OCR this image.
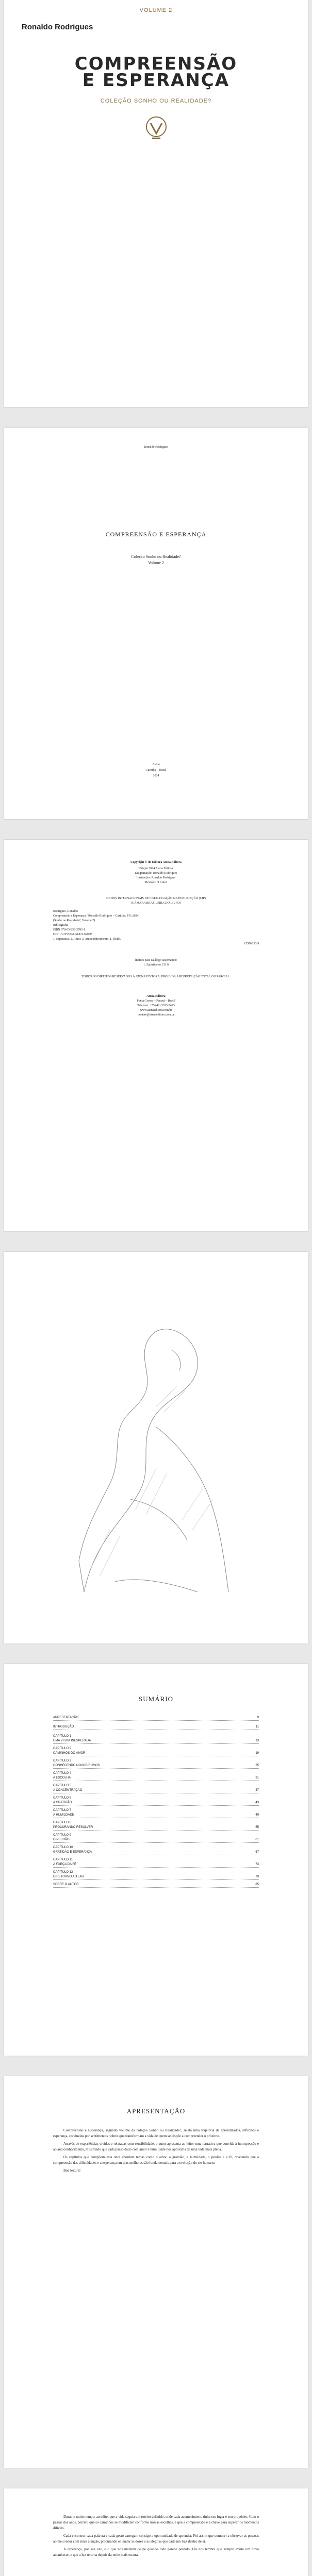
VOLUME 2
Ronaldo Rodrigues
COMPREENSÃO
E ESPERANÇA
COLEÇÃO SONHO OU REALIDADE?
Ronaldo Rodrigues
COMPREENSÃO E ESPERANÇA
Coleção Sonho ou Realidade?
Volume 2
Atena
Curitiba – Brasil
2024
Copyright © do Editora Atena Editora
Edição 2024 Atena Editora
Diagramação: Ronaldo Rodrigues
Ilustrações: Ronaldo Rodrigues
Revisão: O Autor
DADOS INTERNACIONAIS DE CATALOGAÇÃO NA PUBLICAÇÃO (CIP)
(CÂMARA BRASILEIRA DO LIVRO)
Rodrigues, Ronaldo
Compreensão e Esperança / Ronaldo Rodrigues – Curitiba, PR: 2024
(Sonho ou Realidade?; Volume 2)
Bibliografia
ISBN 978-65-258-2782-1
DOI 10.22533/at.ed.821240105
1. Esperança. 2. Amor. 3. Autoconhecimento. I. Título.
CDD-133.9
Índices para catálogo sistemático:
1. Espiritismo 133.9
TODOS OS DIREITOS RESERVADOS À ATENA EDITORA. PROIBIDA A REPRODUÇÃO TOTAL OU PARCIAL.
Atena Editora
Ponta Grossa – Paraná – Brasil
Telefone: +55 (42) 3323-5493
www.atenaeditora.com.br
contato@atenaeditora.com.br
SUMÁRIO
APRESENTAÇÃO	9
INTRODUÇÃO	11
CAPÍTULO 1
UMA VISITA INESPERADA	13
CAPÍTULO 2
CAMINHOS DO AMOR	19
CAPÍTULO 3
CONHECENDO NOVOS RUMOS	25
CAPÍTULO 4
A ESCOLHA	31
CAPÍTULO 5
A CONCENTRAÇÃO	37
CAPÍTULO 6
A GRATIDÃO	43
CAPÍTULO 7
A HUMILDADE	49
CAPÍTULO 8
PROCURANDO RESOLVER	55
CAPÍTULO 9
O PERDÃO	61
CAPÍTULO 10
GRATIDÃO E ESPERANÇA	67
CAPÍTULO 11
A FORÇA DA FÉ	73
CAPÍTULO 12
O RETORNO AO LAR	79
SOBRE O AUTOR	85
APRESENTAÇÃO

Compreensão e Esperança, segundo volume da coleção Sonho ou Realidade?, relata uma trajetória de aprendizados, reflexões e esperança, conduzida por sentimentos nobres que transformam a vida de quem se dispõe a compreender o próximo.

Através de experiências vividas e relatadas com sensibilidade, o autor apresenta ao leitor uma narrativa que convida à introspecção e ao autoconhecimento, mostrando que cada passo dado com amor e humildade nos aproxima de uma vida mais plena.

Os capítulos que compõem esta obra abordam temas como o amor, a gratidão, a humildade, o perdão e a fé, revelando que a compreensão das dificuldades e a esperança em dias melhores são fundamentais para a evolução do ser humano.

Boa leitura!

Durante muito tempo, acreditei que a vida seguia um roteiro definido, onde cada acontecimento tinha seu lugar e seu propósito. Com o passar dos anos, percebi que os caminhos se modificam conforme nossas escolhas, e que a compreensão é a chave para superar os momentos difíceis.

Cada encontro, cada palavra e cada gesto carregam consigo a oportunidade de aprender. Foi assim que comecei a observar as pessoas ao meu redor com mais atenção, procurando entender as dores e as alegrias que cada um traz dentro de si.

A esperança, por sua vez, é o que nos mantém de pé quando tudo parece perdido. Ela nos lembra que sempre existe um novo amanhecer, e que a luz retorna depois da noite mais escura.
